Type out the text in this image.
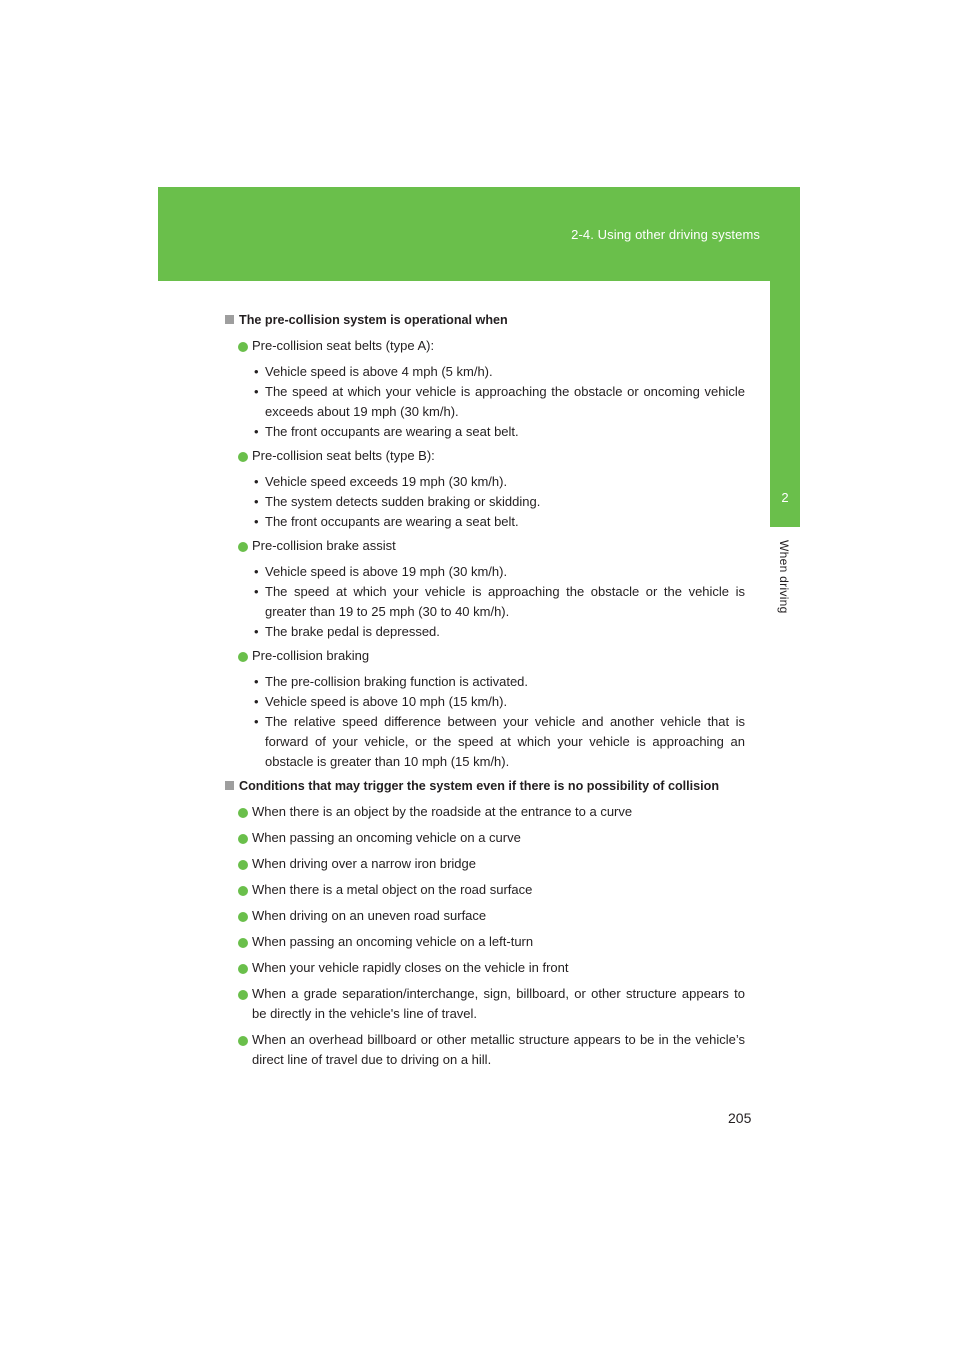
2-4. Using other driving systems
2
When driving
The pre-collision system is operational when
Pre-collision seat belts (type A):
• Vehicle speed is above 4 mph (5 km/h).
• The speed at which your vehicle is approaching the obstacle or oncoming vehicle exceeds about 19 mph (30 km/h).
• The front occupants are wearing a seat belt.
Pre-collision seat belts (type B):
• Vehicle speed exceeds 19 mph (30 km/h).
• The system detects sudden braking or skidding.
• The front occupants are wearing a seat belt.
Pre-collision brake assist
• Vehicle speed is above 19 mph (30 km/h).
• The speed at which your vehicle is approaching the obstacle or the vehicle is greater than 19 to 25 mph (30 to 40 km/h).
• The brake pedal is depressed.
Pre-collision braking
• The pre-collision braking function is activated.
• Vehicle speed is above 10 mph (15 km/h).
• The relative speed difference between your vehicle and another vehicle that is forward of your vehicle, or the speed at which your vehicle is approaching an obstacle is greater than 10 mph (15 km/h).
Conditions that may trigger the system even if there is no possibility of collision
When there is an object by the roadside at the entrance to a curve
When passing an oncoming vehicle on a curve
When driving over a narrow iron bridge
When there is a metal object on the road surface
When driving on an uneven road surface
When passing an oncoming vehicle on a left-turn
When your vehicle rapidly closes on the vehicle in front
When a grade separation/interchange, sign, billboard, or other structure appears to be directly in the vehicle's line of travel.
When an overhead billboard or other metallic structure appears to be in the vehicle’s direct line of travel due to driving on a hill.
205
